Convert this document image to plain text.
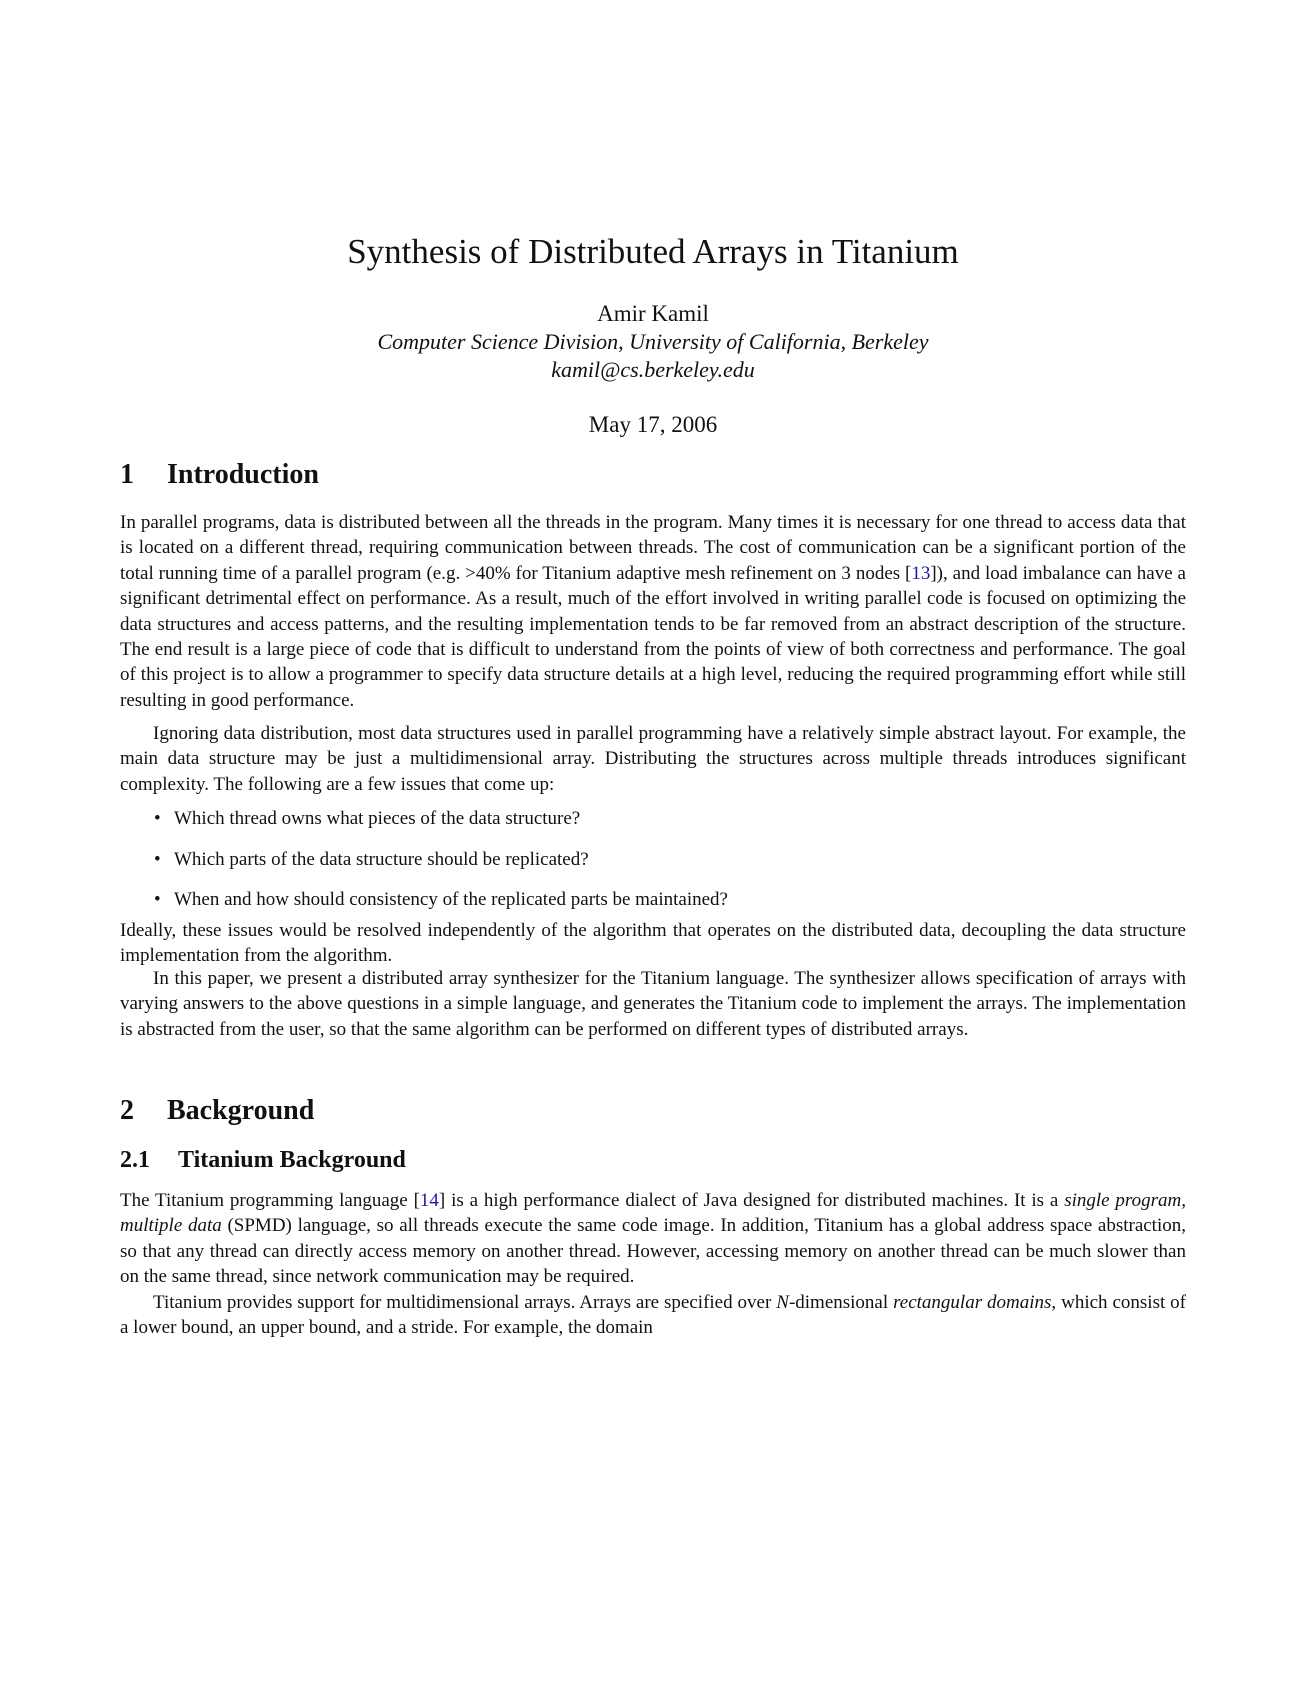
Synthesis of Distributed Arrays in Titanium
Amir Kamil
Computer Science Division, University of California, Berkeley
kamil@cs.berkeley.edu
May 17, 2006
1 Introduction

In parallel programs, data is distributed between all the threads in the program. Many times it is necessary for one thread to access data that is located on a different thread, requiring communication between threads. The cost of communication can be a significant portion of the total running time of a parallel program (e.g. >40% for Titanium adaptive mesh refinement on 3 nodes [13]), and load imbalance can have a significant detrimental effect on performance. As a result, much of the effort involved in writing parallel code is focused on optimizing the data structures and access patterns, and the resulting implementation tends to be far removed from an abstract description of the structure. The end result is a large piece of code that is difficult to understand from the points of view of both correctness and performance. The goal of this project is to allow a programmer to specify data structure details at a high level, reducing the required programming effort while still resulting in good performance.

Ignoring data distribution, most data structures used in parallel programming have a relatively simple abstract layout. For example, the main data structure may be just a multidimensional array. Distributing the structures across multiple threads introduces significant complexity. The following are a few issues that come up:

• Which thread owns what pieces of the data structure?
• Which parts of the data structure should be replicated?
• When and how should consistency of the replicated parts be maintained?

Ideally, these issues would be resolved independently of the algorithm that operates on the distributed data, decoupling the data structure implementation from the algorithm.

In this paper, we present a distributed array synthesizer for the Titanium language. The synthesizer allows specification of arrays with varying answers to the above questions in a simple language, and generates the Titanium code to implement the arrays. The implementation is abstracted from the user, so that the same algorithm can be performed on different types of distributed arrays.

2 Background
2.1 Titanium Background

The Titanium programming language [14] is a high performance dialect of Java designed for distributed machines. It is a single program, multiple data (SPMD) language, so all threads execute the same code image. In addition, Titanium has a global address space abstraction, so that any thread can directly access memory on another thread. However, accessing memory on another thread can be much slower than on the same thread, since network communication may be required.

Titanium provides support for multidimensional arrays. Arrays are specified over N-dimensional rectangular domains, which consist of a lower bound, an upper bound, and a stride. For example, the domain
